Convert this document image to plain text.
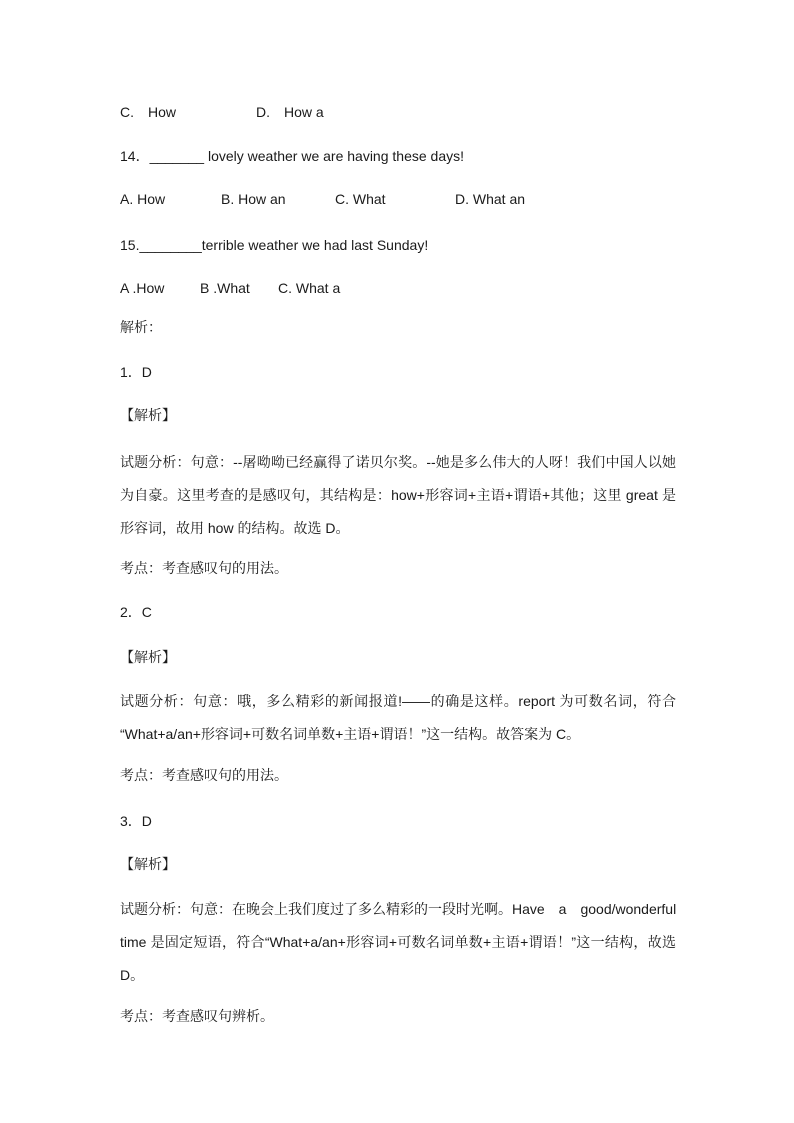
C.　How	D.　How a
14．_______ lovely weather we are having these days!
A. How	B. How an	C. What	D. What an
15.________terrible weather we had last Sunday!
A .How	B .What C. What a
解析：
1．D
【解析】
试题分析：句意：--屠呦呦已经赢得了诺贝尔奖。--她是多么伟大的人呀！我们中国人以她
为自豪。这里考查的是感叹句，其结构是：how+形容词+主语+谓语+其他；这里 great 是
形容词，故用 how 的结构。故选 D。
考点：考查感叹句的用法。
2．C
【解析】
试题分析：句意：哦，多么精彩的新闻报道!——的确是这样。report 为可数名词，符合
“What+a/an+形容词+可数名词单数+主语+谓语！”这一结构。故答案为 C。
考点：考查感叹句的用法。
3．D
【解析】
试题分析：句意：在晚会上我们度过了多么精彩的一段时光啊。Have　a　good/wonderful
time 是固定短语，符合“What+a/an+形容词+可数名词单数+主语+谓语！”这一结构，故选
D。
考点：考查感叹句辨析。
